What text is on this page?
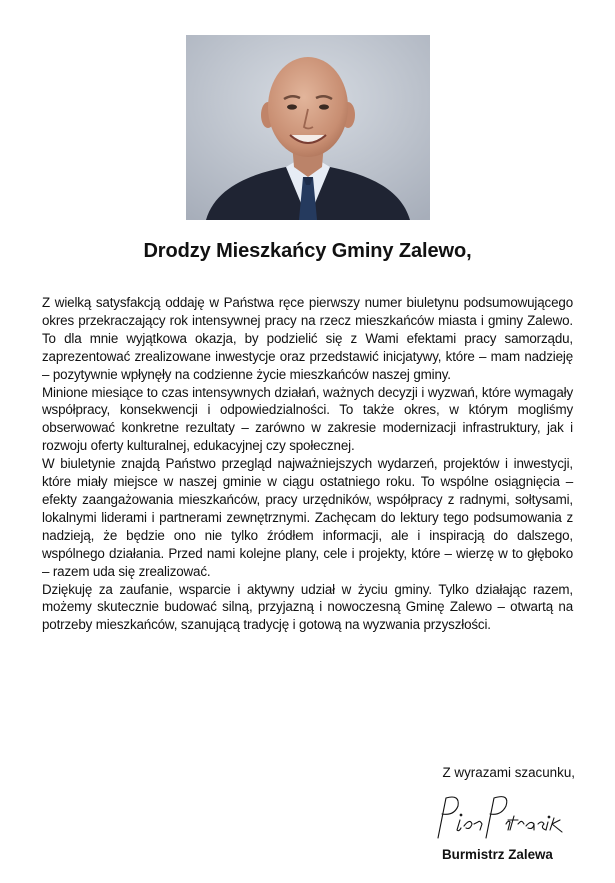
Drodzy Mieszkańcy Gminy Zalewo,

Z wielką satysfakcją oddaję w Państwa ręce pierwszy numer biuletynu podsumowującego okres przekraczający rok intensywnej pracy na rzecz mieszkańców miasta i gminy Zalewo. To dla mnie wyjątkowa okazja, by podzielić się z Wami efektami pracy samorządu, zaprezentować zrealizowane inwestycje oraz przedstawić inicjatywy, które – mam nadzieję – pozytywnie wpłynęły na codzienne życie mieszkańców naszej gminy.

Minione miesiące to czas intensywnych działań, ważnych decyzji i wyzwań, które wymagały współpracy, konsekwencji i odpowiedzialności. To także okres, w którym mogliśmy obserwować konkretne rezultaty – zarówno w zakresie modernizacji infrastruktury, jak i rozwoju oferty kulturalnej, edukacyjnej czy społecznej.

W biuletynie znajdą Państwo przegląd najważniejszych wydarzeń, projektów i inwestycji, które miały miejsce w naszej gminie w ciągu ostatniego roku. To wspólne osiągnięcia – efekty zaangażowania mieszkańców, pracy urzędników, współpracy z radnymi, sołtysami, lokalnymi liderami i partnerami zewnętrznymi. Zachęcam do lektury tego podsumowania z nadzieją, że będzie ono nie tylko źródłem informacji, ale i inspiracją do dalszego, wspólnego działania. Przed nami kolejne plany, cele i projekty, które – wierzę w to głęboko – razem uda się zrealizować.

Dziękuję za zaufanie, wsparcie i aktywny udział w życiu gminy. Tylko działając razem, możemy skutecznie budować silną, przyjazną i nowoczesną Gminę Zalewo – otwartą na potrzeby mieszkańców, szanującą tradycję i gotową na wyzwania przyszłości.

Z wyrazami szacunku,

Burmistrz Zalewa
